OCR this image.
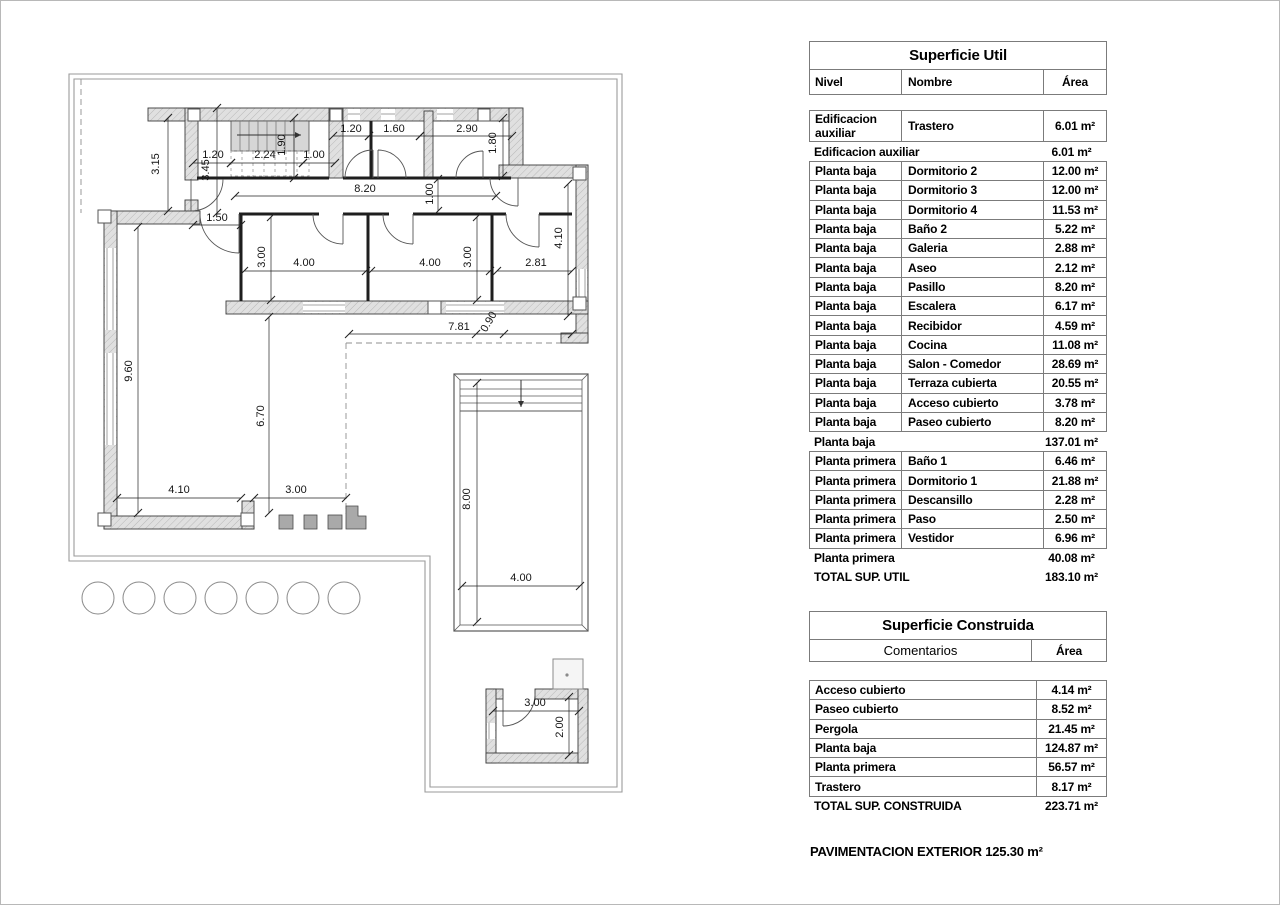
3.15	1.20	2.24 1.90 1.00
3.45
1.20 1.60	2.90
1.80
8.20	1.00
1.50
3.00 4.00	3.00
4.00	2.81
4.10
7.81 0.90
9.60
6.70
4.10	3.00	8.00
4.00
3.00
2.00
Superficie Util
Nivel	Nombre	Área
Edificacion auxiliar	Trastero	6.01 m²
Edificacion auxiliar	6.01 m²
Planta baja	Dormitorio 2	12.00 m²
Planta baja	Dormitorio 3	12.00 m²
Planta baja	Dormitorio 4	11.53 m²
Planta baja	Baño 2	5.22 m²
Planta baja	Galeria	2.88 m²
Planta baja	Aseo	2.12 m²
Planta baja	Pasillo	8.20 m²
Planta baja	Escalera	6.17 m²
Planta baja	Recibidor	4.59 m²
Planta baja	Cocina	11.08 m²
Planta baja	Salon - Comedor	28.69 m²
Planta baja	Terraza cubierta	20.55 m²
Planta baja	Acceso cubierto	3.78 m²
Planta baja	Paseo cubierto	8.20 m²
Planta baja	137.01 m²
Planta primera	Baño 1	6.46 m²
Planta primera	Dormitorio 1	21.88 m²
Planta primera	Descansillo	2.28 m²
Planta primera	Paso	2.50 m²
Planta primera	Vestidor	6.96 m²
Planta primera	40.08 m²
TOTAL SUP. UTIL	183.10 m²
Superficie Construida
Comentarios	Área
Acceso cubierto	4.14 m²
Paseo cubierto	8.52 m²
Pergola	21.45 m²
Planta baja	124.87 m²
Planta primera	56.57 m²
Trastero	8.17 m²
TOTAL SUP. CONSTRUIDA	223.71 m²
PAVIMENTACION EXTERIOR 125.30 m²
